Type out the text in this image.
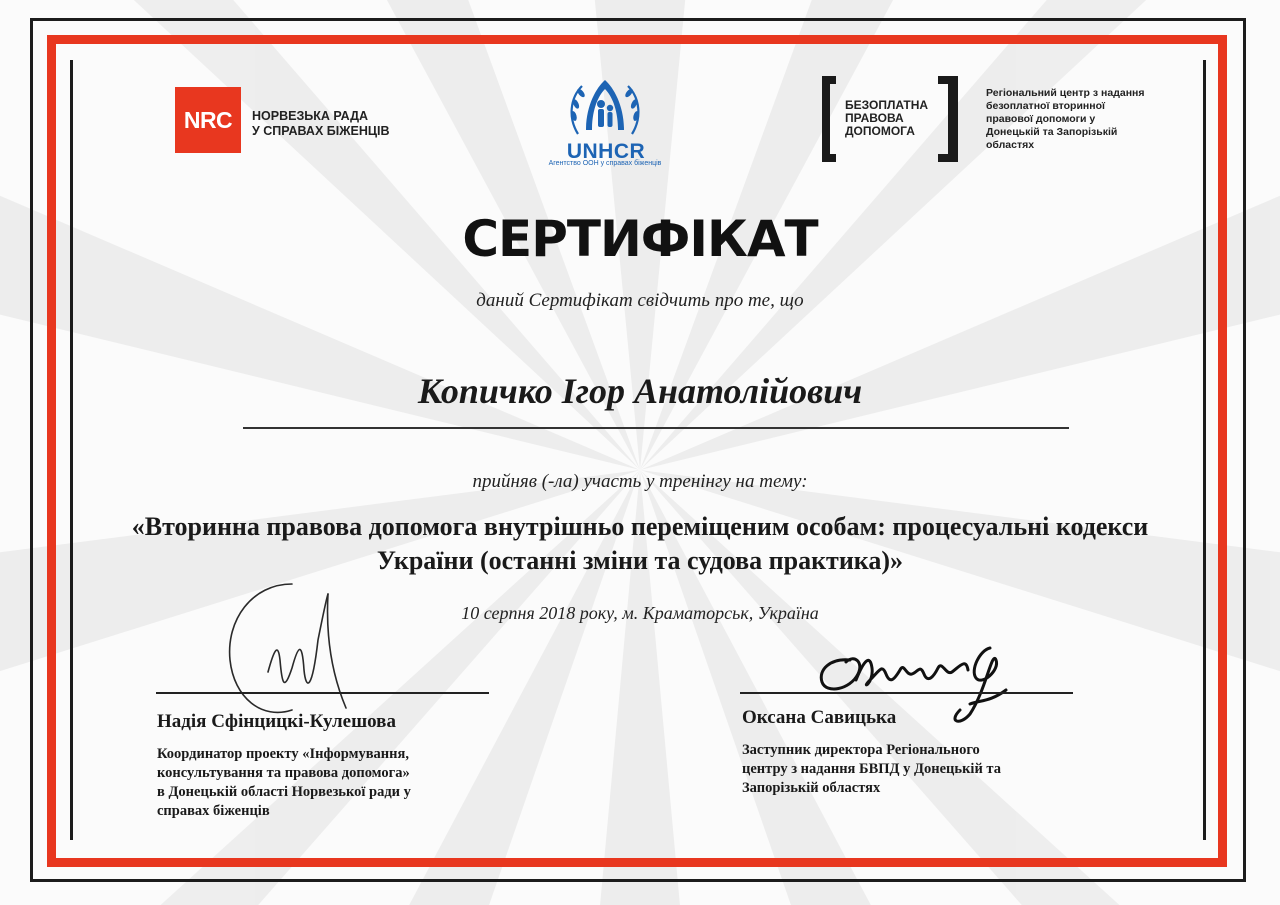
NRC	НОРВЕЗЬКА РАДА
У СПРАВАХ БІЖЕНЦІВ
UNHCR
Агентство ООН у справах біженців
БЕЗОПЛАТНА
ПРАВОВА
ДОПОМОГА
Регіональний центр з надання
безоплатної вторинної
правової допомоги у
Донецькій та Запорізькій
областях
СЕРТИФІКАТ
даний Сертифікат свідчить про те, що
Копичко Ігор Анатолійович
прийняв (-ла) участь у тренінгу на тему:
«Вторинна правова допомога внутрішньо переміщеним особам: процесуальні кодекси України (останні зміни та судова практика)»
10 серпня 2018 року, м. Краматорськ, Україна
Надія Сфінцицкі-Кулешова
Координатор проекту «Інформування,
консультування та правова допомога»
в Донецькій області Норвезької ради у
справах біженців
Оксана Савицька
Заступник директора Регіонального
центру з надання БВПД у Донецькій та
Запорізькій областях
